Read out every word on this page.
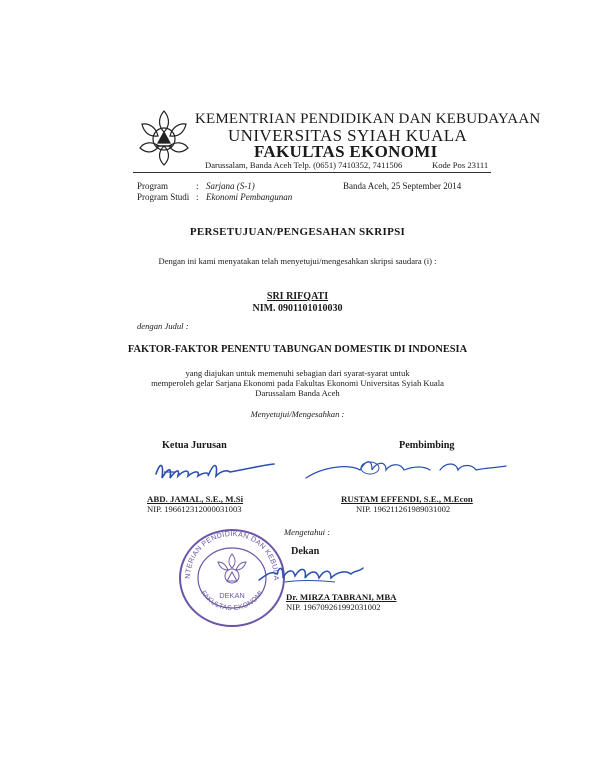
KEMENTRIAN PENDIDIKAN DAN KEBUDAYAAN
UNIVERSITAS SYIAH KUALA
FAKULTAS EKONOMI
Darussalam, Banda Aceh Telp. (0651) 7410352, 7411506	Kode Pos 23111
Program	: Sarjana (S-1)
Program Studi : Ekonomi Pembangunan
Banda Aceh, 25 September 2014
PERSETUJUAN/PENGESAHAN SKRIPSI
Dengan ini kami menyatakan telah menyetujui/mengesahkan skripsi saudara (i) :
SRI RIFQATI
NIM. 0901101010030
dengan Judul :
FAKTOR-FAKTOR PENENTU TABUNGAN DOMESTIK DI INDONESIA
yang diajukan untuk memenuhi sebagian dari syarat-syarat untuk
memperoleh gelar Sarjana Ekonomi pada Fakultas Ekonomi Universitas Syiah Kuala
Darussalam Banda Aceh
Menyetujui/Mengesahkan :
Ketua Jurusan	Pembimbing
ABD. JAMAL, S.E., M.Si
NIP. 196612312000031003
RUSTAM EFFENDI, S.E., M.Econ
NIP. 196211261989031002
Mengetahui :
NTERIAN PENDIDIKAN DAN KEBUDA
FAKULTAS EKONOMI
DEKAN
Dekan
Dr. MIRZA TABRANI, MBA
NIP. 196709261992031002
